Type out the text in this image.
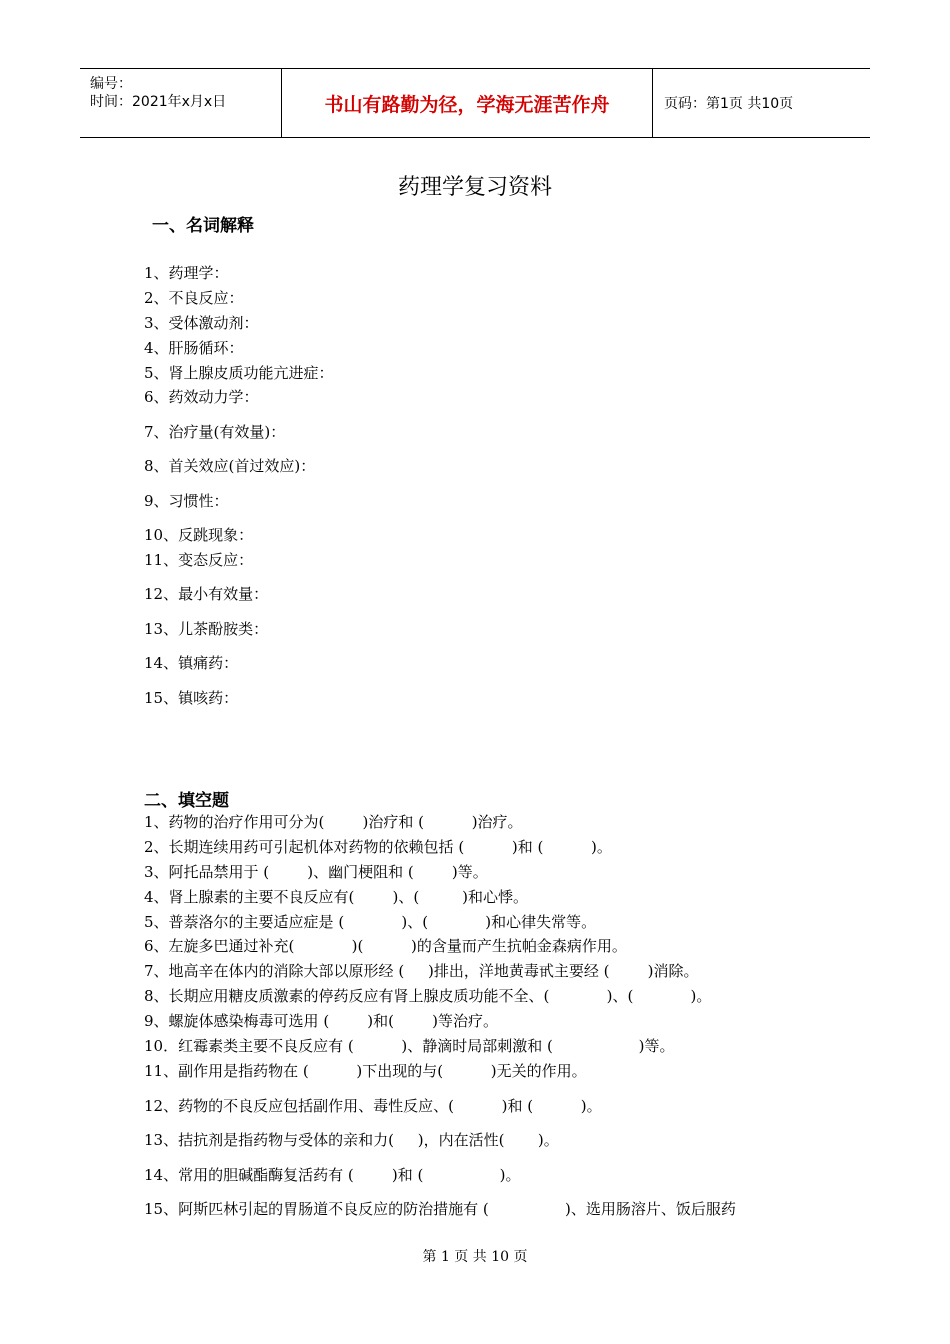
编号：
时间：2021年x月x日	书山有路勤为径，学海无涯苦作舟	页码：第1页 共10页
药理学复习资料
一、名词解释
1、药理学：
2、不良反应：
3、受体激动剂：
4、肝肠循环：
5、肾上腺皮质功能亢进症：
6、药效动力学：
7、治疗量(有效量)：
8、首关效应(首过效应)：
9、习惯性：
10、反跳现象：
11、变态反应：
12、最小有效量：
13、儿茶酚胺类：
14、镇痛药：
15、镇咳药：
二、填空题
1、药物的治疗作用可分为(        )治疗和 (          )治疗。
2、长期连续用药可引起机体对药物的依赖包括 (          )和 (          )。
3、阿托品禁用于 (        )、幽门梗阻和 (        )等。
4、肾上腺素的主要不良反应有(        )、(         )和心悸。
5、普萘洛尔的主要适应症是 (            )、(            )和心律失常等。
6、左旋多巴通过补充(            )(          )的含量而产生抗帕金森病作用。
7、地高辛在体内的消除大部以原形经 (     )排出，洋地黄毒甙主要经 (        )消除。
8、长期应用糖皮质激素的停药反应有肾上腺皮质功能不全、(            )、(            )。
9、螺旋体感染梅毒可选用 (        )和(        )等治疗。
10．红霉素类主要不良反应有 (          )、静滴时局部刺激和 (                  )等。
11、副作用是指药物在 (          )下出现的与(          )无关的作用。
12、药物的不良反应包括副作用、毒性反应、(          )和 (          )。
13、拮抗剂是指药物与受体的亲和力(     )，内在活性(       )。
14、常用的胆碱酯酶复活药有 (        )和 (                )。
15、阿斯匹林引起的胃肠道不良反应的防治措施有 (                )、选用肠溶片、饭后服药
第 1 页 共 10 页
